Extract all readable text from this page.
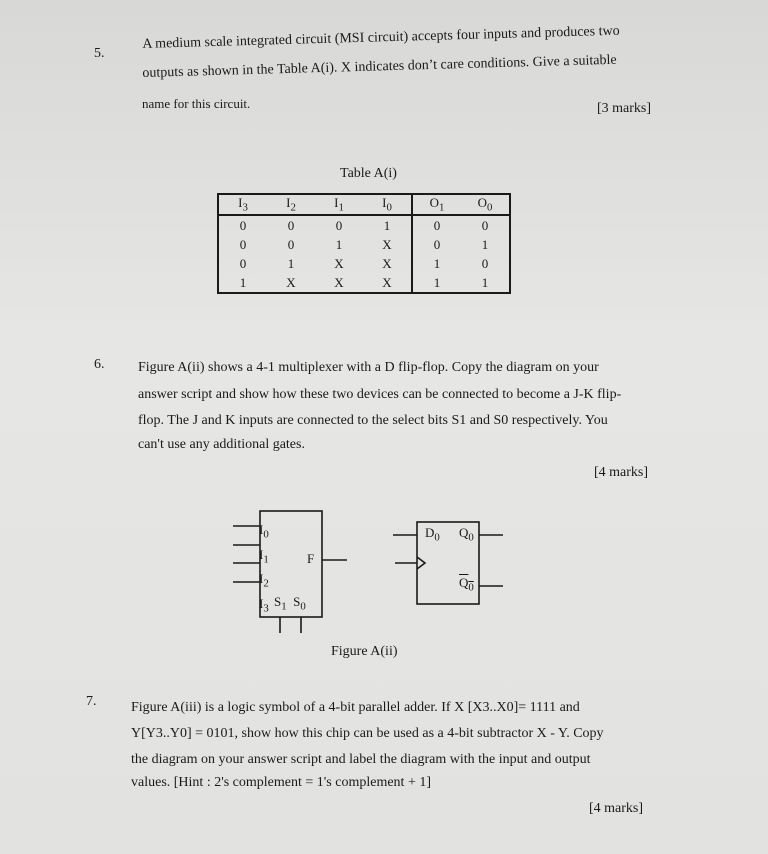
5.
A medium scale integrated circuit (MSI circuit) accepts four inputs and produces two
outputs as shown in the Table A(i). X indicates don’t care conditions. Give a suitable
name for this circuit.	[3 marks]
Table A(i)
$I_3$	$I_2$	$I_1$	$I_0$	$O_1$	$O_0$
0	0	0	1	0	0
0	0	1	X	0	1
0	1	X	X	1	0
1	X	X	X	1	1
6. Figure A(ii) shows a 4-1 multiplexer with a D flip-flop. Copy the diagram on your
answer script and show how these two devices can be connected to become a J-K flip-
flop. The J and K inputs are connected to the select bits S1 and S0 respectively. You
can't use any additional gates.
[4 marks]
$I_0$
$I_1$
$I_2$
$I_3$
F
$S_1$  $S_0$
$D_0$ $Q_0$
$Q_0$
Figure A(ii)
7. Figure A(iii) is a logic symbol of a 4-bit parallel adder. If X [X3..X0]= 1111 and
Y[Y3..Y0] = 0101, show how this chip can be used as a 4-bit subtractor X - Y. Copy
the diagram on your answer script and label the diagram with the input and output
values. [Hint : 2's complement = 1's complement + 1]
[4 marks]
